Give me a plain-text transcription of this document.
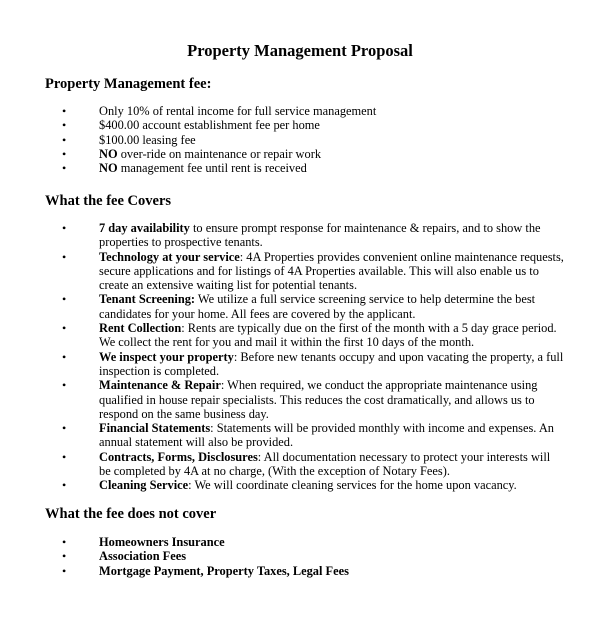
Property Management Proposal
Property Management fee:
•	Only 10% of rental income for full service management
•	$400.00 account establishment fee per home
•	$100.00 leasing fee
•	NO over-ride on maintenance or repair work
•	NO management fee until rent is received
What the fee Covers
•	7 day availability to ensure prompt response for maintenance & repairs, and to show the properties to prospective tenants.
•	Technology at your service: 4A Properties provides convenient online maintenance requests, secure applications and for listings of 4A Properties available. This will also enable us to create an extensive waiting list for potential tenants.
•	Tenant Screening: We utilize a full service screening service to help determine the best candidates for your home. All fees are covered by the applicant.
•	Rent Collection: Rents are typically due on the first of the month with a 5 day grace period. We collect the rent for you and mail it within the first 10 days of the month.
•	We inspect your property: Before new tenants occupy and upon vacating the property, a full inspection is completed.
•	Maintenance & Repair: When required, we conduct the appropriate maintenance using qualified in house repair specialists. This reduces the cost dramatically, and allows us to respond on the same business day.
•	Financial Statements: Statements will be provided monthly with income and expenses. An annual statement will also be provided.
•	Contracts, Forms, Disclosures: All documentation necessary to protect your interests will be completed by 4A at no charge, (With the exception of Notary Fees).
•	Cleaning Service: We will coordinate cleaning services for the home upon vacancy.
What the fee does not cover
•	Homeowners Insurance
•	Association Fees
•	Mortgage Payment, Property Taxes, Legal Fees
